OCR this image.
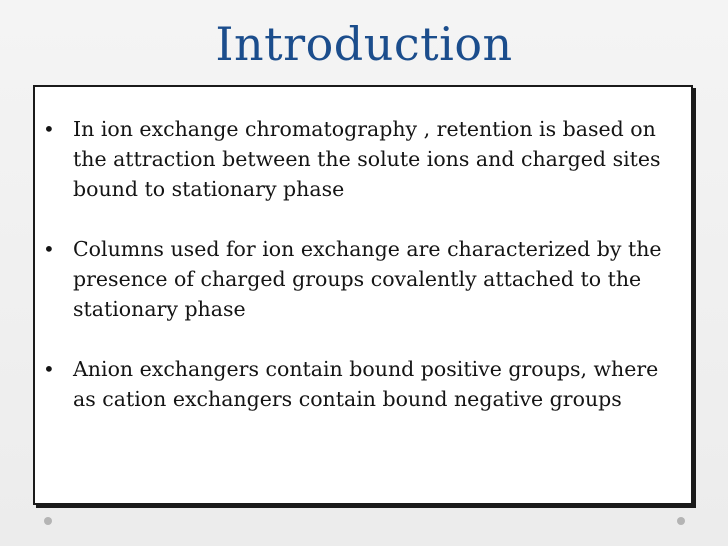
Introduction
• In ion exchange chromatography , retention is based on the attraction between the solute ions and charged sites bound to stationary phase
• Columns used for ion exchange are characterized by the presence of charged groups covalently attached to the stationary phase
• Anion exchangers contain bound positive groups, where as cation exchangers contain bound negative groups
